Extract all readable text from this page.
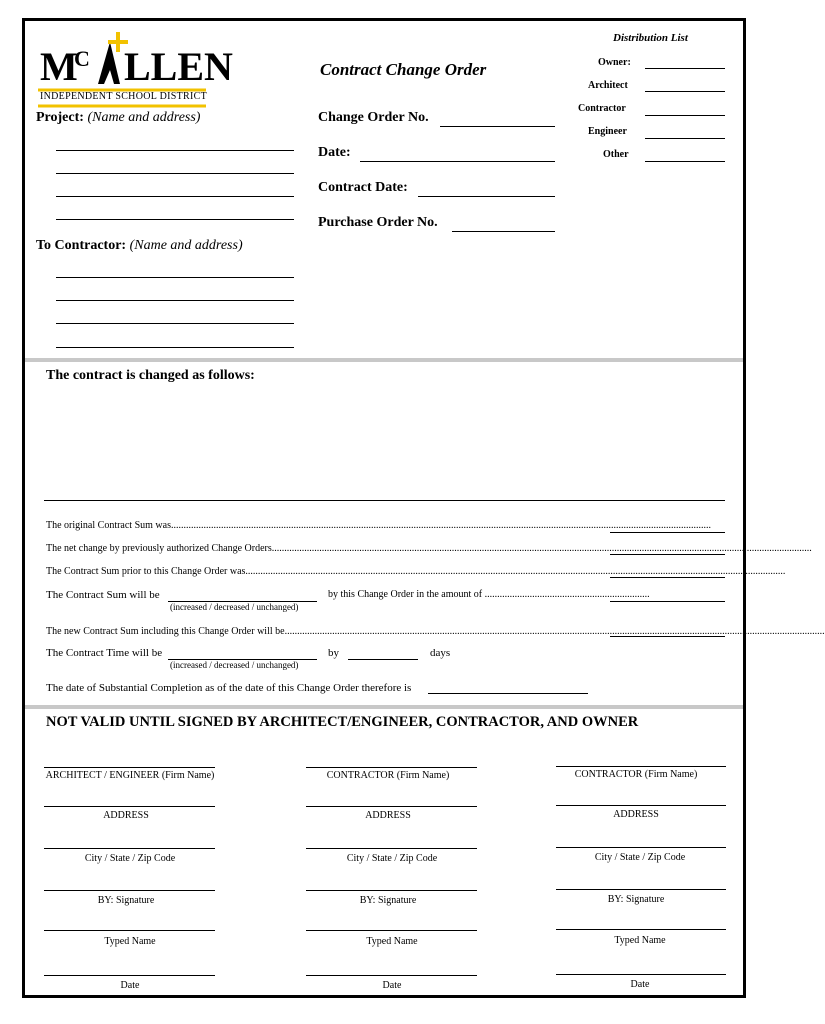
M
C LLEN
INDEPENDENT SCHOOL DISTRICT
Contract Change Order
Distribution List
Owner:
Architect
Contractor
Engineer
Other
Project: (Name and address)
To Contractor: (Name and address)
Change Order No.
Date:
Contract Date:
Purchase Order No.
The contract is changed as follows:
The original Contract Sum was........................................................................................................................................................................................................................
The net change by previously authorized Change Orders........................................................................................................................................................................................................................
The Contract Sum prior to this Change Order was........................................................................................................................................................................................................................
The Contract Sum will be
(increased / decreased / unchanged)
by this Change Order in the amount of ..................................................................
The new Contract Sum including this Change Order will be........................................................................................................................................................................................................................
The Contract Time will be
(increased / decreased / unchanged)
by	days
The date of Substantial Completion as of the date of this Change Order therefore is
NOT VALID UNTIL SIGNED BY ARCHITECT/ENGINEER, CONTRACTOR, AND OWNER
ARCHITECT / ENGINEER (Firm Name)
ADDRESS
City / State / Zip Code
BY: Signature
Typed Name
Date
CONTRACTOR (Firm Name)
ADDRESS
City / State / Zip Code
BY: Signature
Typed Name
Date
CONTRACTOR (Firm Name)
ADDRESS
City / State / Zip Code
BY: Signature
Typed Name
Date
